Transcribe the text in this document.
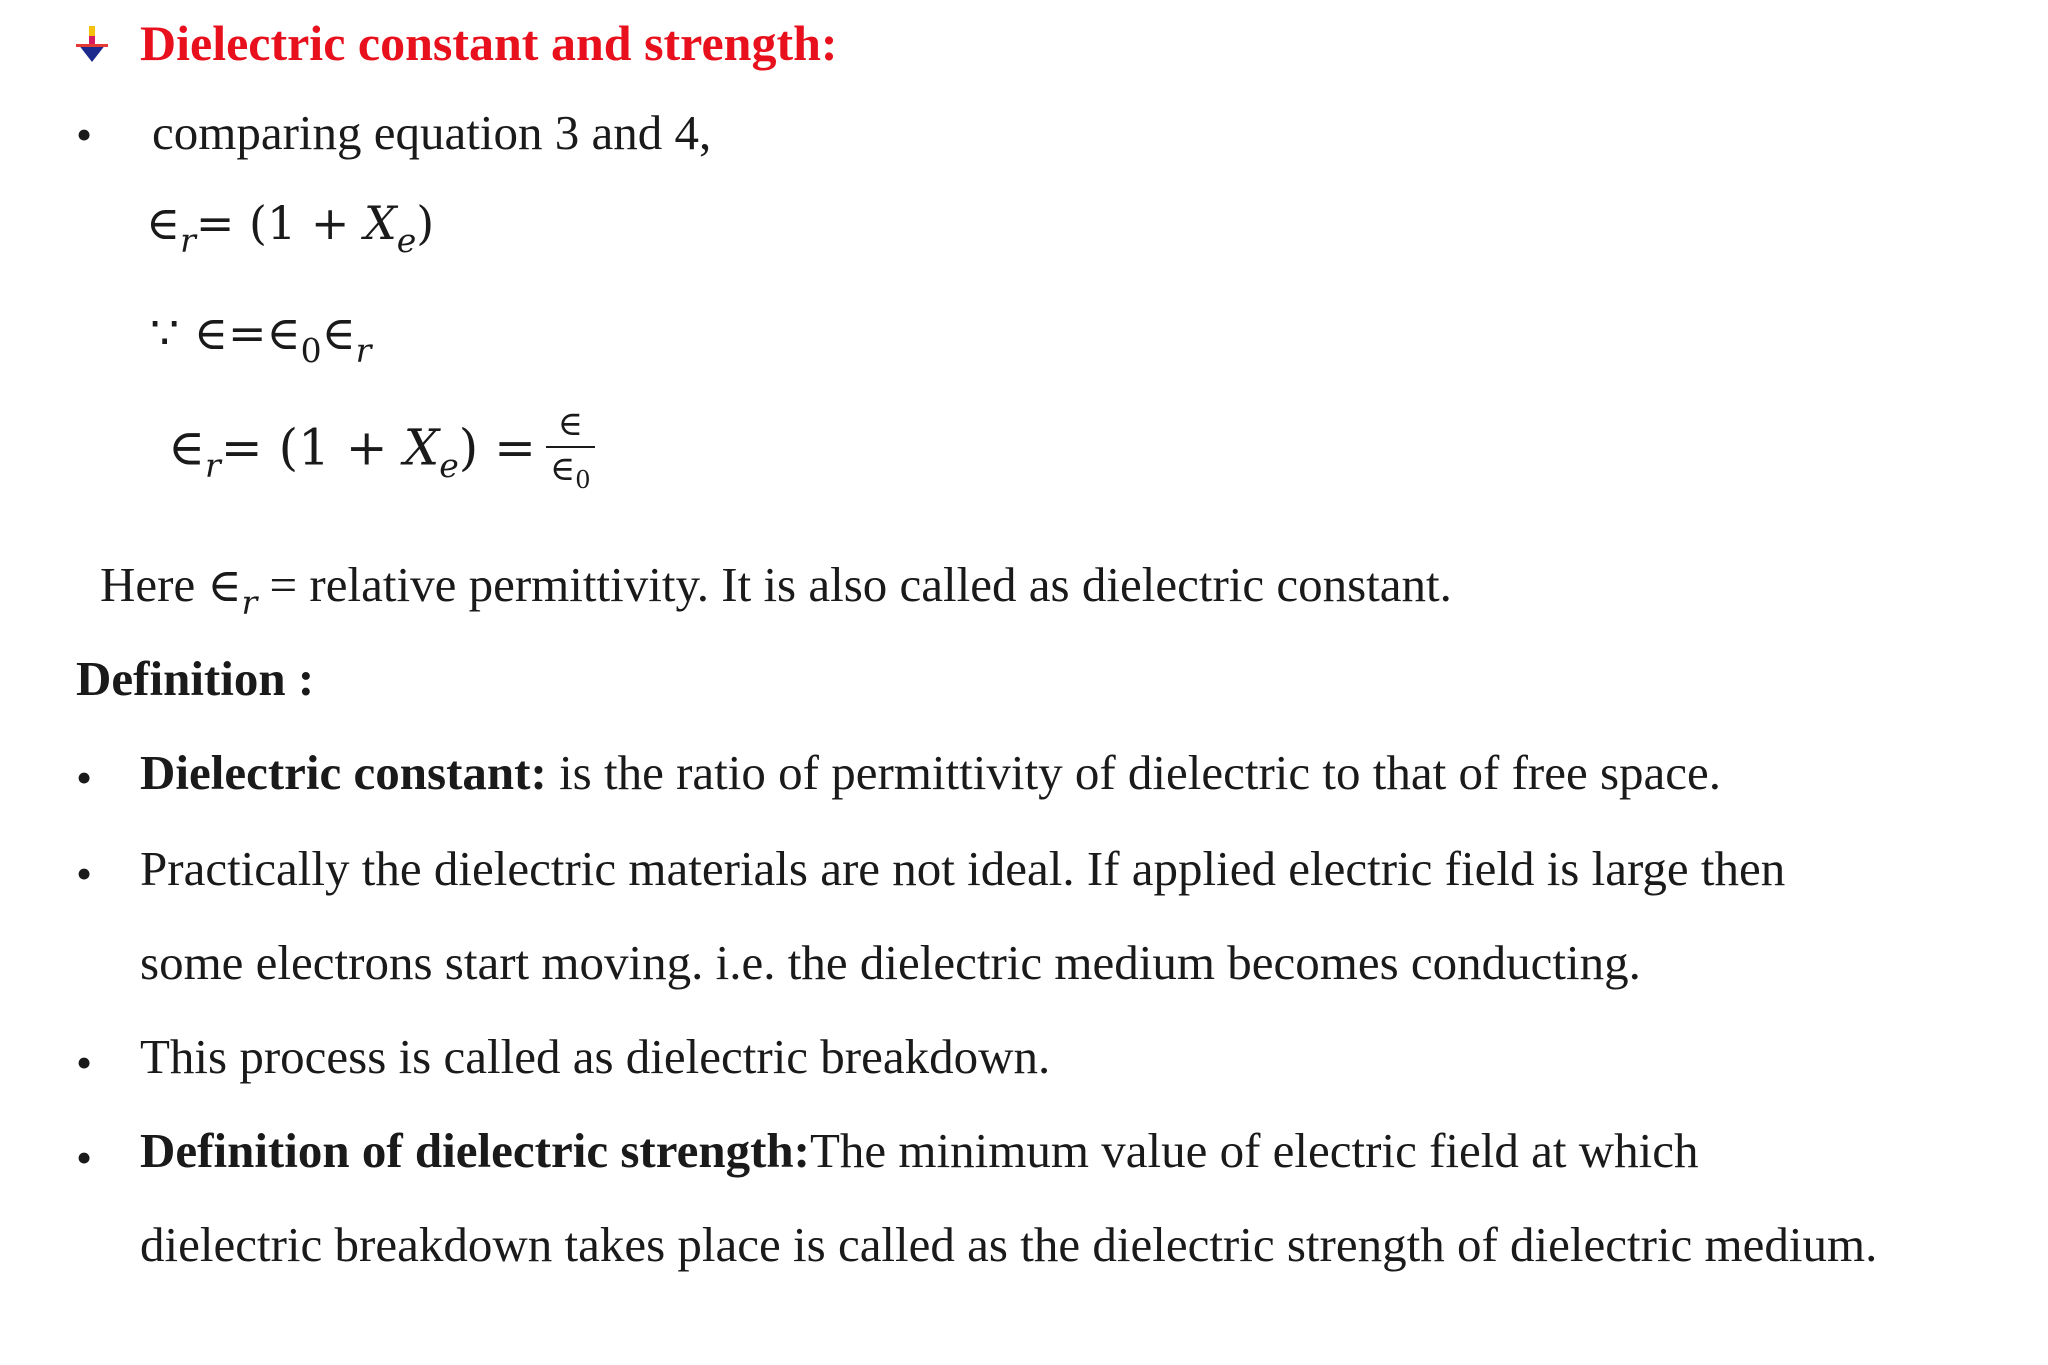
Dielectric constant and strength:
• comparing equation 3 and 4,
$\in_r= (1 + X_e)$
∵ $\in=\in_0\in_r$
$\in_r= (1 + X_e) = \frac{\in}{\in_0}$
Here $\in_r$ = relative permittivity. It is also called as dielectric constant.
Definition :
• Dielectric constant: is the ratio of permittivity of dielectric to that of free space.
• Practically the dielectric materials are not ideal. If applied electric field is large then
some electrons start moving. i.e. the dielectric medium becomes conducting.
• This process is called as dielectric breakdown.
• Definition of dielectric strength:The minimum value of electric field at which
dielectric breakdown takes place is called as the dielectric strength of dielectric medium.
